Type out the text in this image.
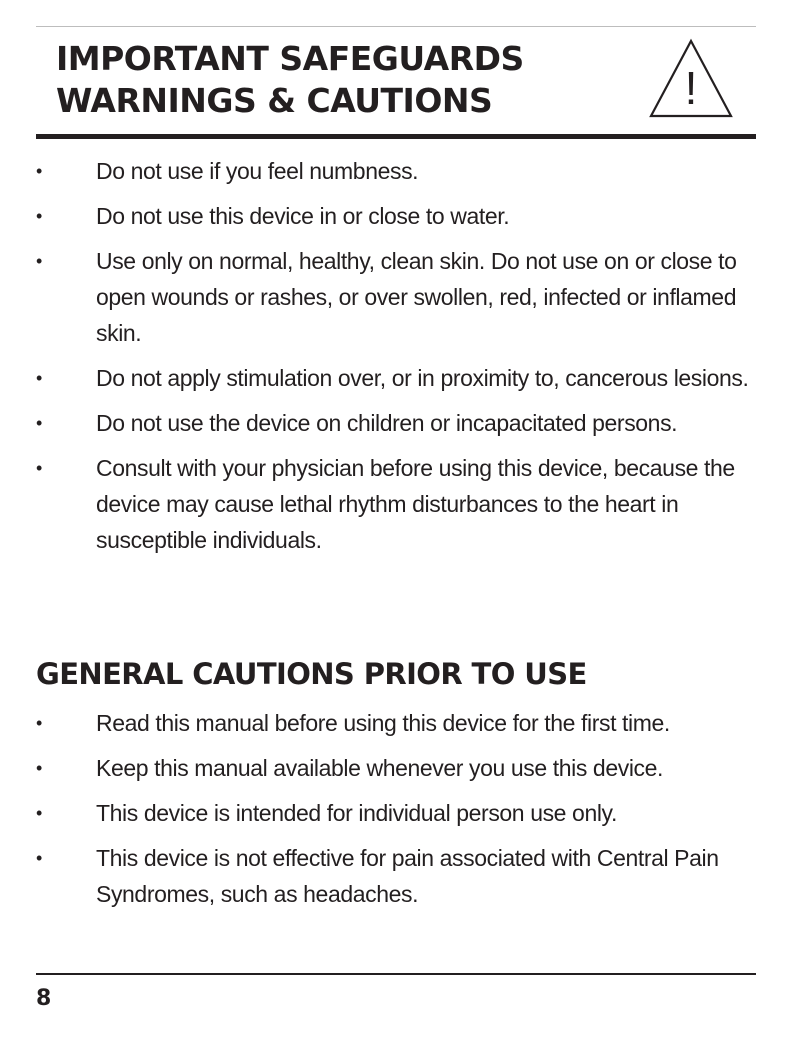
IMPORTANT SAFEGUARDS
WARNINGS & CAUTIONS	!
• Do not use if you feel numbness.
• Do not use this device in or close to water.
• Use only on normal, healthy, clean skin. Do not use on or close to open wounds or rashes, or over swollen, red, infected or inflamed skin.
• Do not apply stimulation over, or in proximity to, cancerous lesions.
• Do not use the device on children or incapacitated persons.
• Consult with your physician before using this device, because the device may cause lethal rhythm disturbances to the heart in susceptible individuals.
GENERAL CAUTIONS PRIOR TO USE
• Read this manual before using this device for the first time.
• Keep this manual available whenever you use this device.
• This device is intended for individual person use only.
• This device is not effective for pain associated with Central Pain Syndromes, such as headaches.
8
